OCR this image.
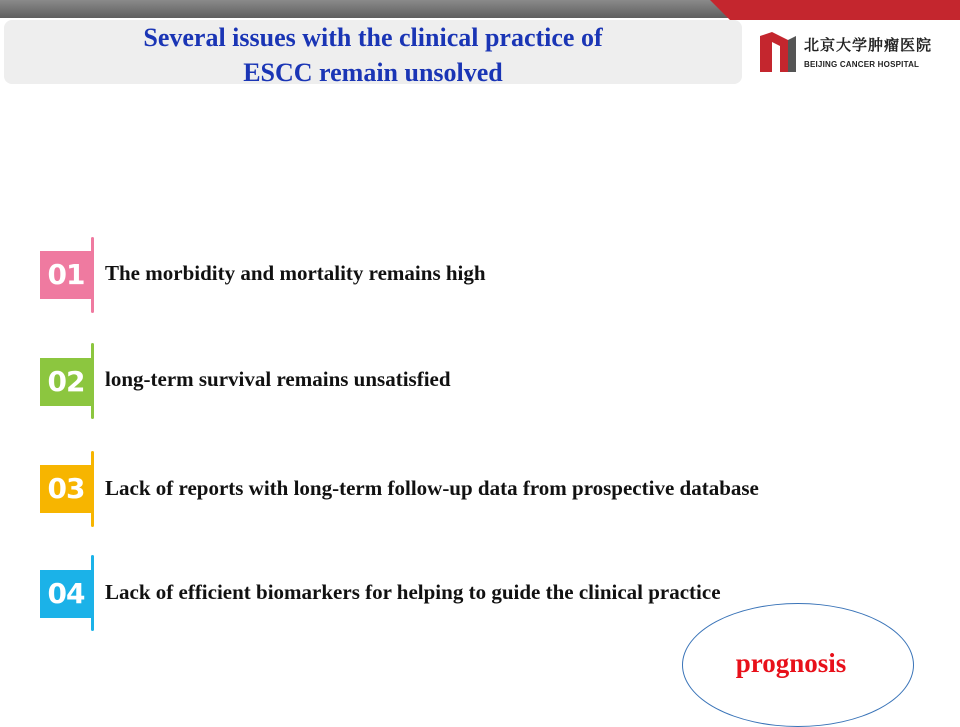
Several issues with the clinical practice of
ESCC remain unsolved
北京大学肿瘤医院
BEIJING CANCER HOSPITAL
01 The morbidity and mortality remains high
02 long-term survival remains unsatisfied
03 Lack of reports with long-term follow-up data from prospective database
04 Lack of efficient biomarkers for helping to guide the clinical practice
prognosis
